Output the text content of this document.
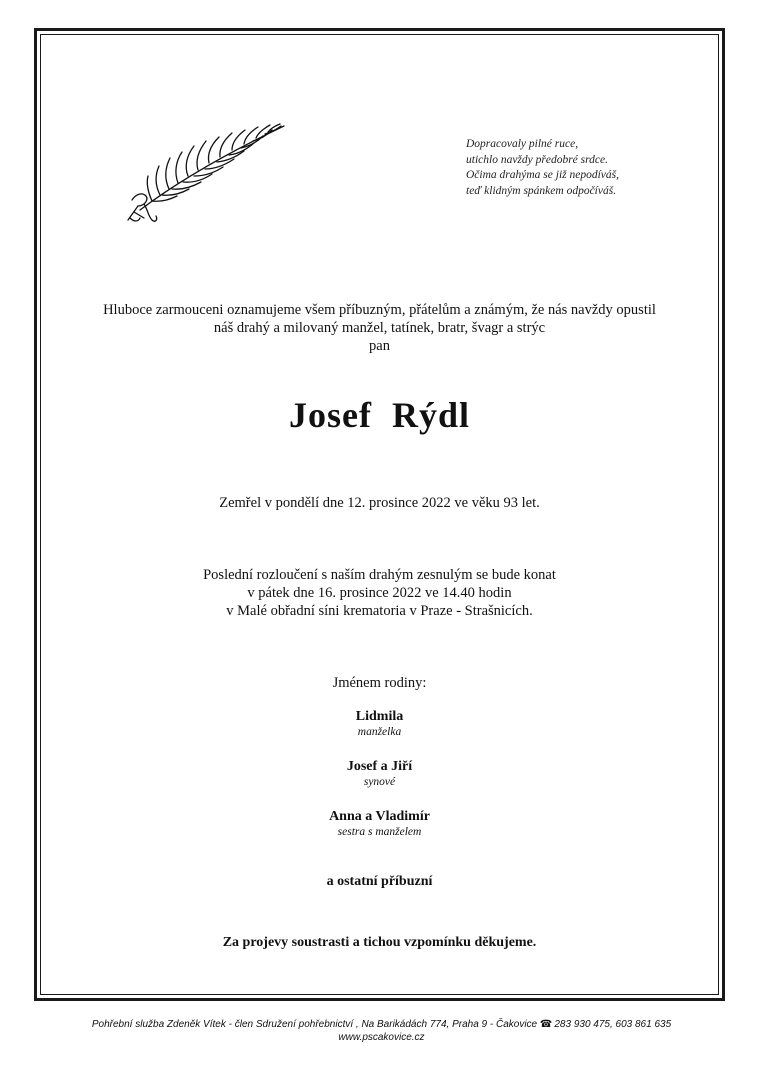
Dopracovaly pilné ruce,
utichlo navždy předobré srdce.
Očima drahýma se již nepodíváš,
teď klidným spánkem odpočíváš.
Hluboce zarmouceni oznamujeme všem příbuzným, přátelům a známým, že nás navždy opustil
náš drahý a milovaný manžel, tatínek, bratr, švagr a strýc
pan
Josef  Rýdl
Zemřel v pondělí dne 12. prosince 2022 ve věku 93 let.
Poslední rozloučení s naším drahým zesnulým se bude konat
v pátek dne 16. prosince 2022 ve 14.40 hodin
v Malé obřadní síni krematoria v Praze - Strašnicích.
Jménem rodiny:
Lidmila
manželka
Josef a Jiří
synové
Anna a Vladimír
sestra s manželem
a ostatní příbuzní
Za projevy soustrasti a tichou vzpomínku děkujeme.
Pohřební služba Zdeněk Vítek - člen Sdružení pohřebnictví , Na Barikádách 774, Praha 9 - Čakovice ☎ 283 930 475, 603 861 635
www.pscakovice.cz
